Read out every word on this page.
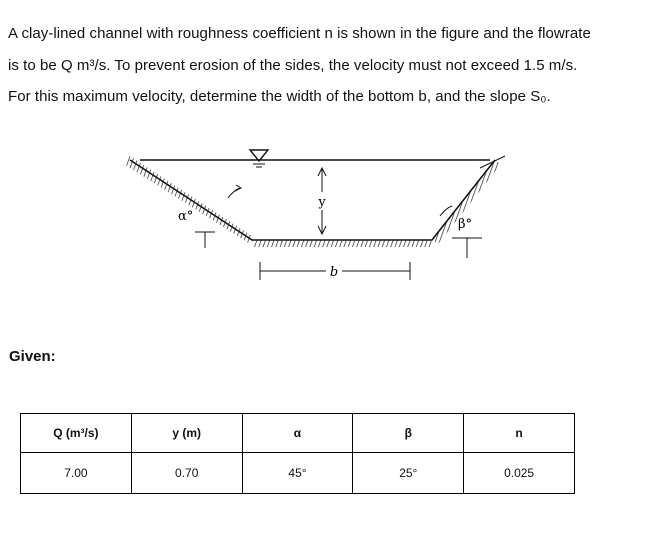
A clay-lined channel with roughness coefficient n is shown in the figure and the flowrate

is to be Q m³/s. To prevent erosion of the sides, the velocity must not exceed 1.5 m/s.

For this maximum velocity, determine the width of the bottom b, and the slope S₀.

y
α°
β°
b
Given:
Q (m³/s)	y (m)	α	β	n
7.00	0.70	45°	25°	0.025
